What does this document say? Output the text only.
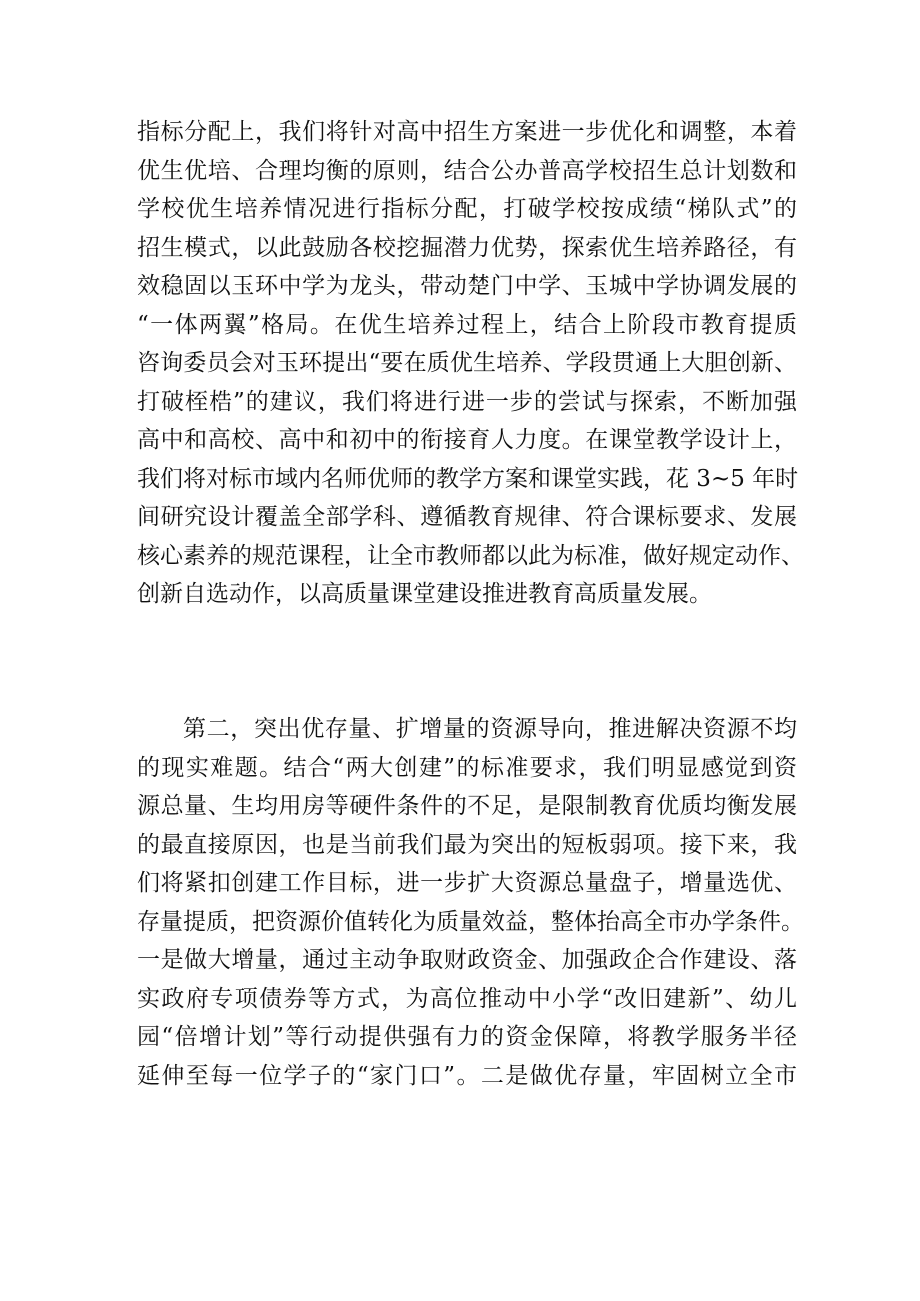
指标分配上，我们将针对高中招生方案进一步优化和调整，本着
优生优培、合理均衡的原则，结合公办普高学校招生总计划数和
学校优生培养情况进行指标分配，打破学校按成绩“梯队式”的
招生模式，以此鼓励各校挖掘潜力优势，探索优生培养路径，有
效稳固以玉环中学为龙头，带动楚门中学、玉城中学协调发展的
“一体两翼”格局。在优生培养过程上，结合上阶段市教育提质
咨询委员会对玉环提出“要在质优生培养、学段贯通上大胆创新、
打破桎梏”的建议，我们将进行进一步的尝试与探索，不断加强
高中和高校、高中和初中的衔接育人力度。在课堂教学设计上，
我们将对标市域内名师优师的教学方案和课堂实践，花 3~5 年时
间研究设计覆盖全部学科、遵循教育规律、符合课标要求、发展
核心素养的规范课程，让全市教师都以此为标准，做好规定动作、
创新自选动作，以高质量课堂建设推进教育高质量发展。
第二，突出优存量、扩增量的资源导向，推进解决资源不均
的现实难题。结合“两大创建”的标准要求，我们明显感觉到资
源总量、生均用房等硬件条件的不足，是限制教育优质均衡发展
的最直接原因，也是当前我们最为突出的短板弱项。接下来，我
们将紧扣创建工作目标，进一步扩大资源总量盘子，增量选优、
存量提质，把资源价值转化为质量效益，整体抬高全市办学条件。
一是做大增量，通过主动争取财政资金、加强政企合作建设、落
实政府专项债券等方式，为高位推动中小学“改旧建新”、幼儿
园“倍增计划”等行动提供强有力的资金保障，将教学服务半径
延伸至每一位学子的“家门口”。二是做优存量，牢固树立全市
